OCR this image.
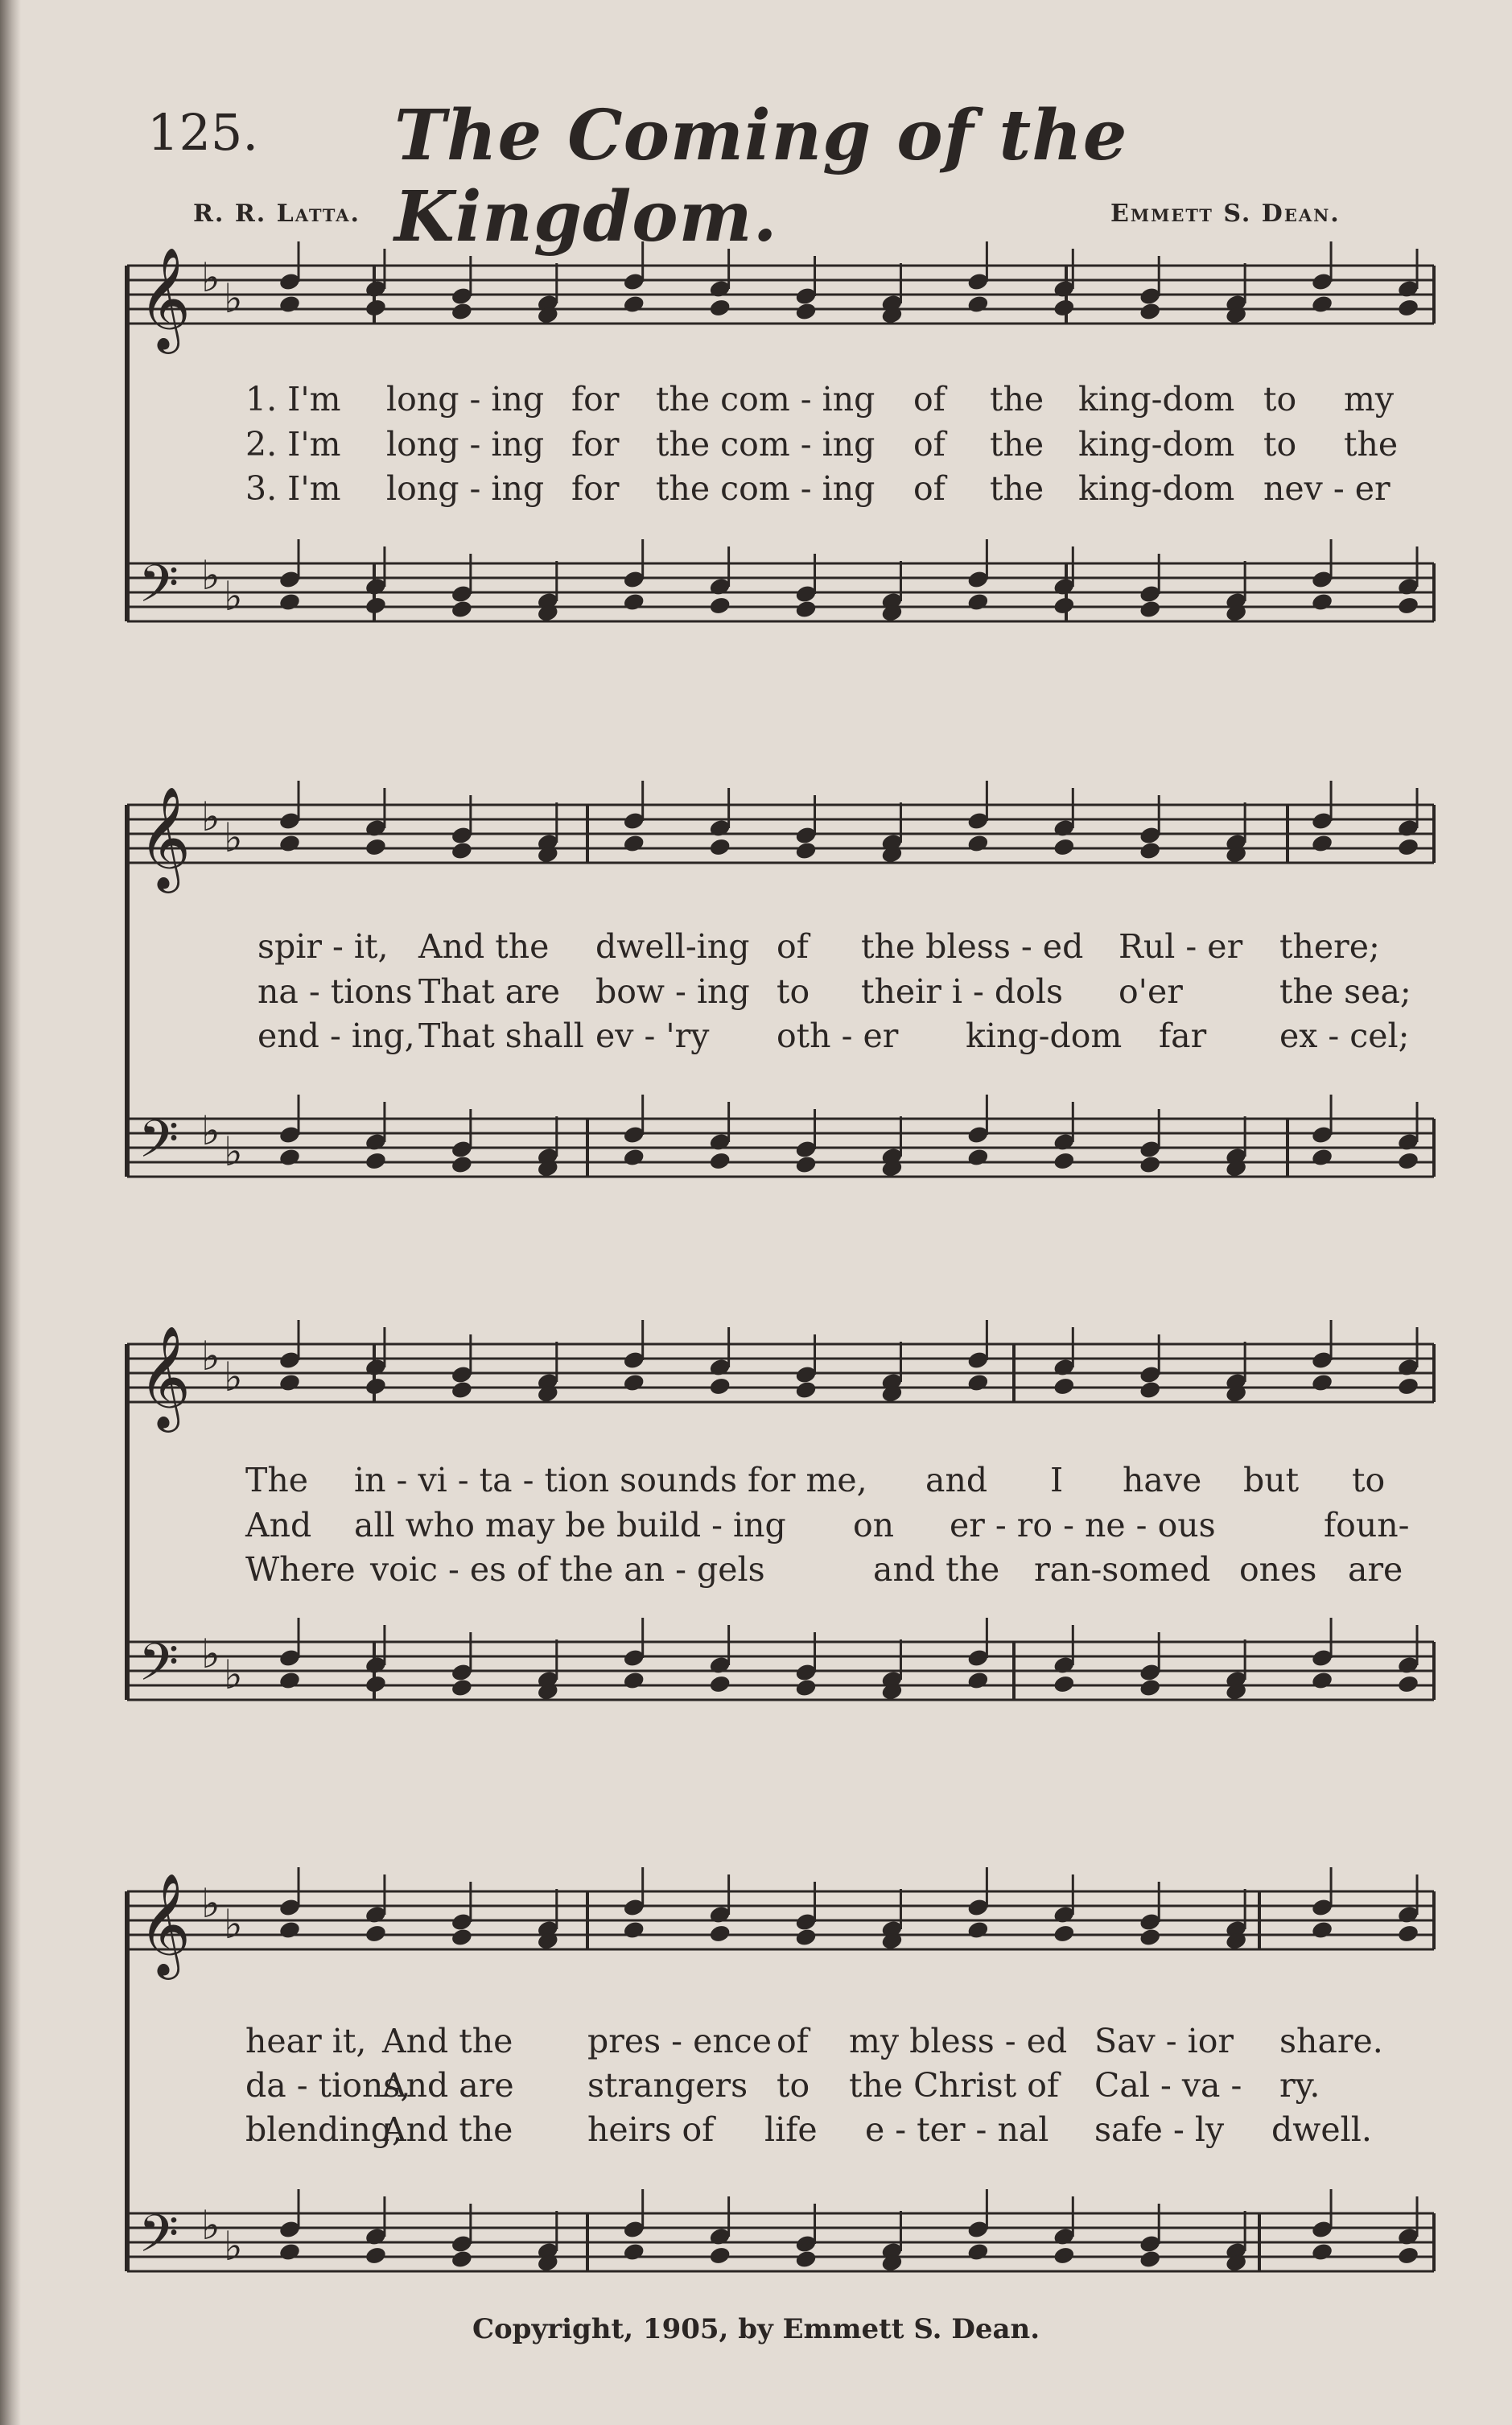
125. The Coming of the Kingdom.
R. R. Latta.	Emmett S. Dean.
𝄞
𝄢
♭ ♭
♭ ♭
1. I'm long - ing for the com - ing of the king-dom to my
2. I'm long - ing for the com - ing of the king-dom to the
3. I'm long - ing for the com - ing of the king-dom nev - er
𝄞
𝄢
♭ ♭
♭ ♭
spir - it, And the dwell-ing of the bless - ed Rul - er there;
na - tions That are bow - ing to their i - dols o'er	the sea;
end - ing, That shall ev - 'ry oth - er king-dom far ex - cel;
𝄞
𝄢
♭ ♭
♭ ♭
The in - vi - ta - tion sounds for me, and I have but to
And all who may be build - ing on er - ro - ne - ous	foun-
Where voic - es of the an - gels	and the ran-somed ones are
𝄞
𝄢
♭ ♭
♭ ♭
hear it, And the pres - ence of my bless - ed Sav - ior share.
da - tions,
And are strangers to the Christ of Cal - va - ry.
blending,
And the heirs of life e - ter - nal safe - ly dwell.
Copyright, 1905, by Emmett S. Dean.
